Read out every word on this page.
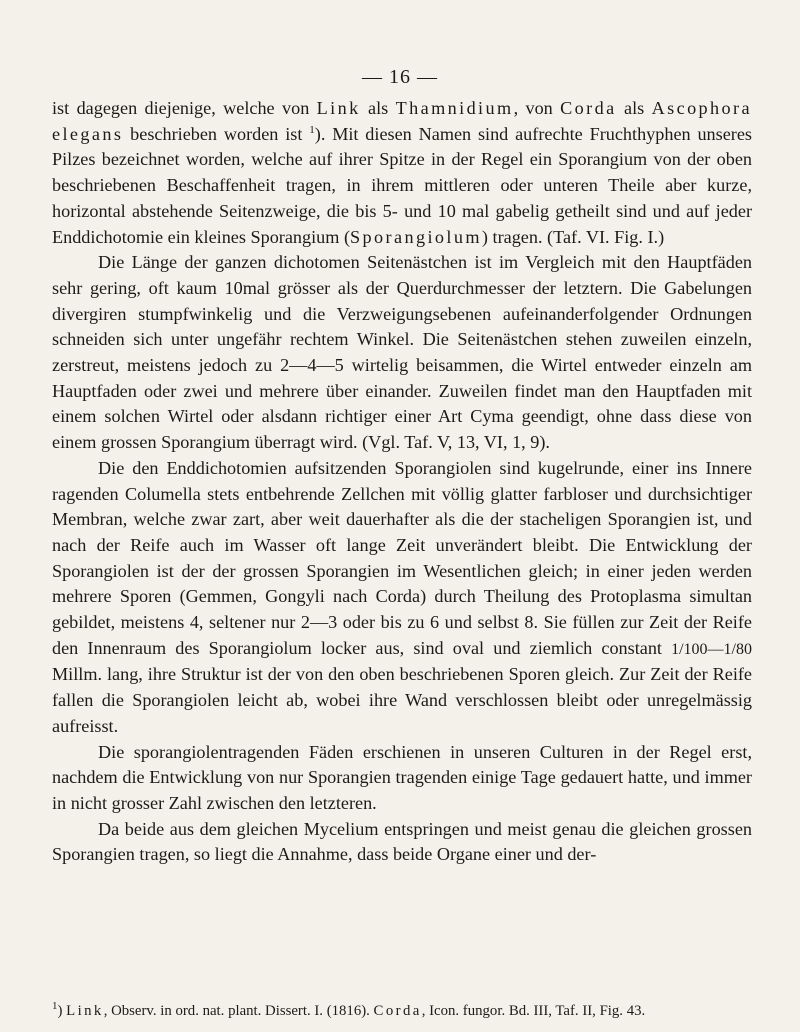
— 16 —

ist dagegen diejenige, welche von Link als Thamnidium, von Corda als Ascophora elegans beschrieben worden ist $^1$). Mit diesen Namen sind aufrechte Fruchthyphen unseres Pilzes bezeichnet worden, welche auf ihrer Spitze in der Regel ein Sporangium von der oben beschriebenen Beschaffenheit tragen, in ihrem mittleren oder unteren Theile aber kurze, horizontal abstehende Seitenzweige, die bis 5- und 10 mal gabelig getheilt sind und auf jeder Enddichotomie ein kleines Sporangium (Sporangiolum) tragen. (Taf. VI. Fig. I.)

Die Länge der ganzen dichotomen Seitenästchen ist im Vergleich mit den Hauptfäden sehr gering, oft kaum 10mal grösser als der Querdurchmesser der letztern. Die Gabelungen divergiren stumpfwinkelig und die Verzweigungsebenen aufeinanderfolgender Ordnungen schneiden sich unter ungefähr rechtem Winkel. Die Seitenästchen stehen zuweilen einzeln, zerstreut, meistens jedoch zu 2—4—5 wirtelig beisammen, die Wirtel entweder einzeln am Hauptfaden oder zwei und mehrere über einander. Zuweilen findet man den Hauptfaden mit einem solchen Wirtel oder alsdann richtiger einer Art Cyma geendigt, ohne dass diese von einem grossen Sporangium überragt wird. (Vgl. Taf. V, 13, VI, 1, 9).

Die den Enddichotomien aufsitzenden Sporangiolen sind kugelrunde, einer ins Innere ragenden Columella stets entbehrende Zellchen mit völlig glatter farbloser und durchsichtiger Membran, welche zwar zart, aber weit dauerhafter als die der stacheligen Sporangien ist, und nach der Reife auch im Wasser oft lange Zeit unverändert bleibt. Die Entwicklung der Sporangiolen ist der der grossen Sporangien im Wesentlichen gleich; in einer jeden werden mehrere Sporen (Gemmen, Gongyli nach Corda) durch Theilung des Protoplasma simultan gebildet, meistens 4, seltener nur 2—3 oder bis zu 6 und selbst 8. Sie füllen zur Zeit der Reife den Innenraum des Sporangiolum locker aus, sind oval und ziemlich constant 1/100—1/80 Millm. lang, ihre Struktur ist der von den oben beschriebenen Sporen gleich. Zur Zeit der Reife fallen die Sporangiolen leicht ab, wobei ihre Wand verschlossen bleibt oder unregelmässig aufreisst.

Die sporangiolentragenden Fäden erschienen in unseren Culturen in der Regel erst, nachdem die Entwicklung von nur Sporangien tragenden einige Tage gedauert hatte, und immer in nicht grosser Zahl zwischen den letzteren.

Da beide aus dem gleichen Mycelium entspringen und meist genau die gleichen grossen Sporangien tragen, so liegt die Annahme, dass beide Organe einer und der-

$^1$) Link, Observ. in ord. nat. plant. Dissert. I. (1816). Corda, Icon. fungor. Bd. III, Taf. II, Fig. 43.
